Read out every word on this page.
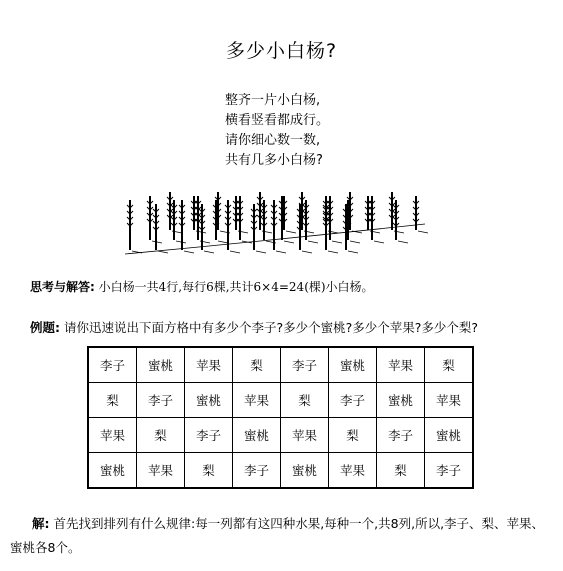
多少小白杨?
整齐一片小白杨,
横看竖看都成行。
请你细心数一数,
共有几多小白杨?
思考与解答: 小白杨一共4行,每行6棵,共计6×4=24(棵)小白杨。
例题: 请你迅速说出下面方格中有多少个李子?多少个蜜桃?多少个苹果?多少个梨?
李子	蜜桃	苹果	梨	李子	蜜桃	苹果	梨
梨	李子	蜜桃	苹果	梨	李子	蜜桃	苹果
苹果	梨	李子	蜜桃	苹果	梨	李子	蜜桃
蜜桃	苹果	梨	李子	蜜桃	苹果	梨	李子
解: 首先找到排列有什么规律:每一列都有这四种水果,每种一个,共8列,所以,李子、梨、苹果、蜜桃各8个。
